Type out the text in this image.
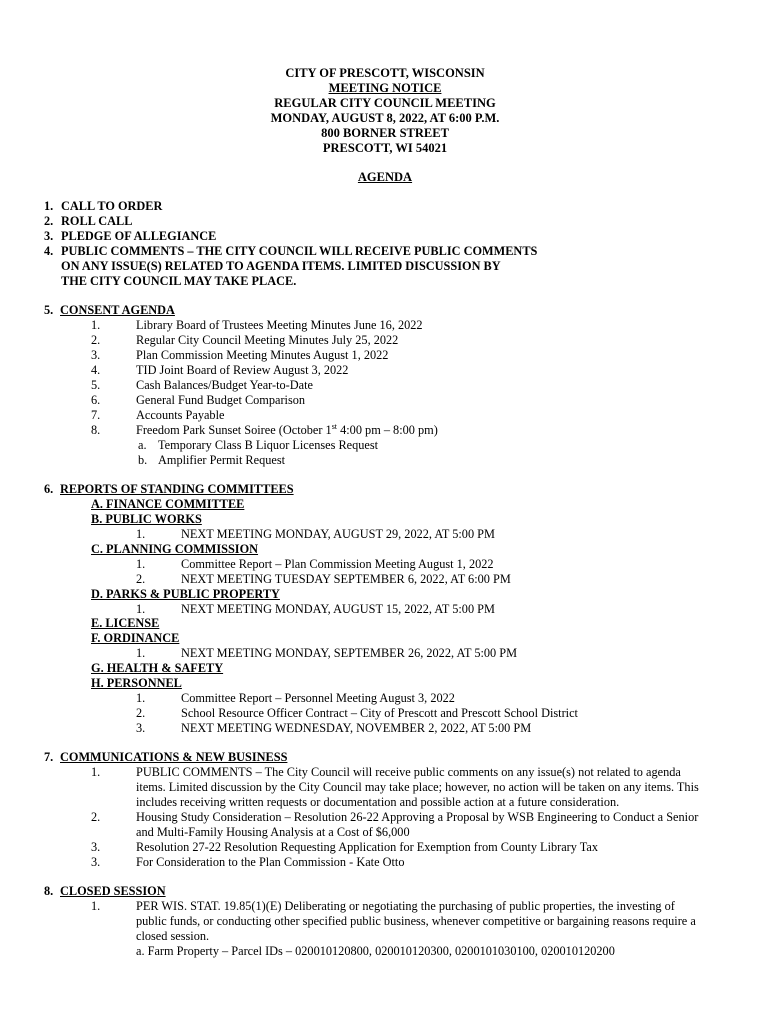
CITY OF PRESCOTT, WISCONSIN
MEETING NOTICE
REGULAR CITY COUNCIL MEETING
MONDAY, AUGUST 8, 2022, AT 6:00 P.M.
800 BORNER STREET
PRESCOTT, WI 54021
AGENDA
1. CALL TO ORDER
2. ROLL CALL
3. PLEDGE OF ALLEGIANCE
4. PUBLIC COMMENTS – THE CITY COUNCIL WILL RECEIVE PUBLIC COMMENTS
ON ANY ISSUE(S) RELATED TO AGENDA ITEMS. LIMITED DISCUSSION BY
THE CITY COUNCIL MAY TAKE PLACE.
5. CONSENT AGENDA
1.	Library Board of Trustees Meeting Minutes June 16, 2022
2.	Regular City Council Meeting Minutes July 25, 2022
3.	Plan Commission Meeting Minutes August 1, 2022
4.	TID Joint Board of Review August 3, 2022
5.	Cash Balances/Budget Year-to-Date
6.	General Fund Budget Comparison
7.	Accounts Payable
8.	Freedom Park Sunset Soiree (October 1st 4:00 pm – 8:00 pm)
a. Temporary Class B Liquor Licenses Request
b. Amplifier Permit Request
6. REPORTS OF STANDING COMMITTEES
A. FINANCE COMMITTEE
B. PUBLIC WORKS
1.	NEXT MEETING MONDAY, AUGUST 29, 2022, AT 5:00 PM
C. PLANNING COMMISSION
1.	Committee Report – Plan Commission Meeting August 1, 2022
2.	NEXT MEETING TUESDAY SEPTEMBER 6, 2022, AT 6:00 PM
D. PARKS & PUBLIC PROPERTY
1.	NEXT MEETING MONDAY, AUGUST 15, 2022, AT 5:00 PM
E. LICENSE
F. ORDINANCE
1.	NEXT MEETING MONDAY, SEPTEMBER 26, 2022, AT 5:00 PM
G. HEALTH & SAFETY
H. PERSONNEL
1.	Committee Report – Personnel Meeting August 3, 2022
2.	School Resource Officer Contract – City of Prescott and Prescott School District
3.	NEXT MEETING WEDNESDAY, NOVEMBER 2, 2022, AT 5:00 PM
7. COMMUNICATIONS & NEW BUSINESS
1.	PUBLIC COMMENTS – The City Council will receive public comments on any issue(s) not related to agenda
items. Limited discussion by the City Council may take place; however, no action will be taken on any items. This
includes receiving written requests or documentation and possible action at a future consideration.
2.	Housing Study Consideration – Resolution 26-22 Approving a Proposal by WSB Engineering to Conduct a Senior
and Multi-Family Housing Analysis at a Cost of $6,000
3.	Resolution 27-22 Resolution Requesting Application for Exemption from County Library Tax
3.	For Consideration to the Plan Commission - Kate Otto
8. CLOSED SESSION
1.	PER WIS. STAT. 19.85(1)(E) Deliberating or negotiating the purchasing of public properties, the investing of
public funds, or conducting other specified public business, whenever competitive or bargaining reasons require a
closed session.
a. Farm Property – Parcel IDs – 020010120800, 020010120300, 0200101030100, 020010120200
